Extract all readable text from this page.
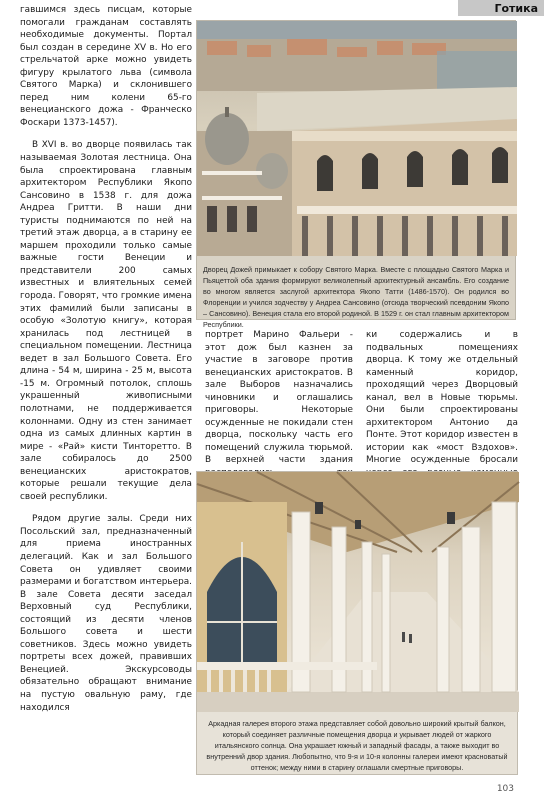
Готика

гавшимся здесь писцам, которые помогали гражданам составлять необходимые документы. Портал был создан в середине XV в. Но его стрельчатой арке можно увидеть фигуру крылатого льва (символа Святого Марка) и склонившего перед ним колени 65-го венецианского дожа - Франческо Фоскари 1373-1457).

В XVI в. во дворце появилась так называемая Золотая лестница. Она была спроектирована главным архитектором Республики Якопо Сансовино в 1538 г. для дожа Андреа Гритти. В наши дни туристы поднимаются по ней на третий этаж дворца, а в старину ее маршем проходили только самые важные гости Венеции и представители 200 самых известных и влиятельных семей города. Говорят, что громкие имена этих фамилий были записаны в особую «Золотую книгу», которая хранилась под лестницей в специальном помещении. Лестница ведет в зал Большого Совета. Его длина - 54 м, ширина - 25 м, высота -15 м. Огромный потолок, сплошь украшенный живописными полотнами, не поддерживается колоннами. Одну из стен занимает одна из самых длинных картин в мире - «Рай» кисти Тинторетто. В зале собиралось до 2500 венецианских аристократов, которые решали текущие дела своей республики.

Рядом другие залы. Среди них Посольский зал, предназначенный для приема иностранных делегаций. Как и зал Большого Совета он удивляет своими размерами и богатством интерьера. В зале Совета десяти заседал Верховный суд Республики, состоящий из десяти членов Большого совета и шести советников. Здесь можно увидеть портреты всех дожей, правивших Венецией. Экскурсоводы обязательно обращают внимание на пустую овальную раму, где находился

Дворец Дожей примыкает к собору Святого Марка. Вместе с площадью Святого Марка и Пьяцеттой оба здания формируют великолепный архитектурный ансамбль. Его создание во многом является заслугой архитектора Якопо Татти (1486-1570). Он родился во Флоренции и учился зодчеству у Андреа Сансовино (отсюда творческий псевдоним Якопо – Сансовино). Венеция стала его второй родиной. В 1529 г. он стал главным архитектором Республики.

портрет Марино Фальери - этот дож был казнен за участие в заговоре против венецианских аристократов. В зале Выборов назначались чиновники и оглашались приговоры. Некоторые осужденные не покидали стен дворца, поскольку часть его помещений служила тюрьмой. В верхней части здания

ки содержались и в подвальных помещениях дворца. К тому же отдельный каменный коридор, проходящий через Дворцовый канал, вел в Новые тюрьмы. Они были спроектированы архитектором Антонио да Понте. Этот коридор известен в истории как «мост Вздохов». Многие осужденные бросали

Аркадная галерея второго этажа представляет собой довольно широкий крытый балкон, который соединяет различные помещения дворца и укрывает людей от жаркого итальянского солнца. Она украшает южный и западный фасады, а также выходит во внутренний двор здания. Любопытно, что 9-я и 10-я колонны галереи имеют красноватый оттенок; между ними в старину оглашали смертные приговоры.
103
